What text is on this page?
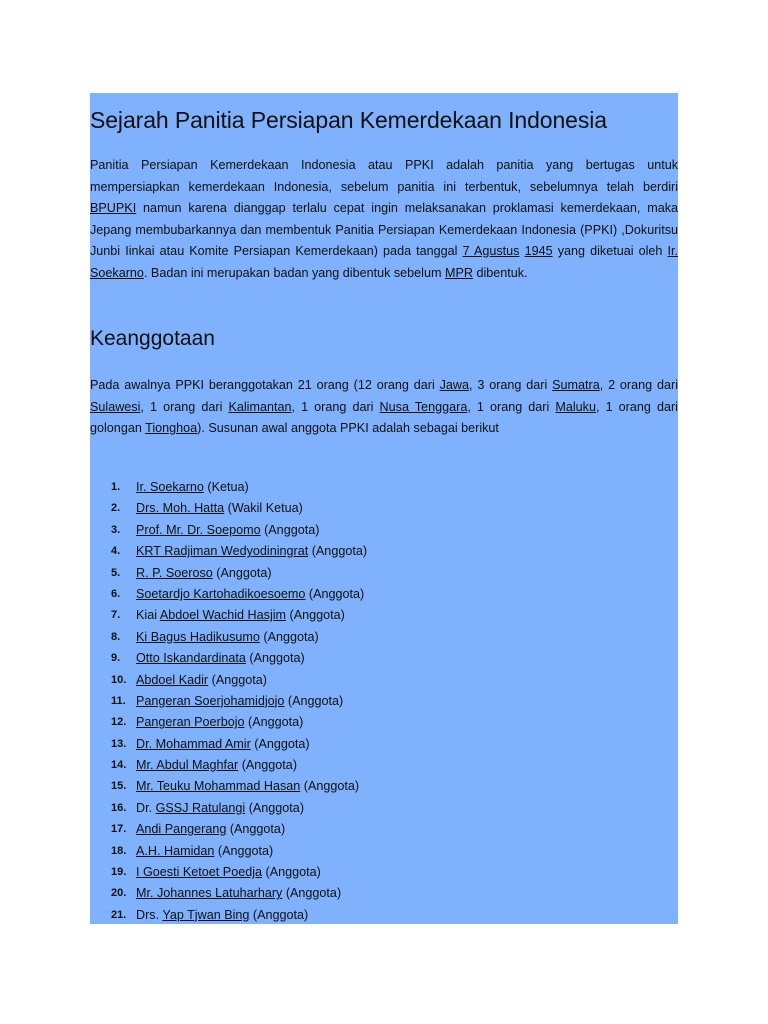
Sejarah Panitia Persiapan Kemerdekaan Indonesia

Panitia Persiapan Kemerdekaan Indonesia atau PPKI adalah panitia yang bertugas untuk mempersiapkan kemerdekaan Indonesia, sebelum panitia ini terbentuk, sebelumnya telah berdiri BPUPKI namun karena dianggap terlalu cepat ingin melaksanakan proklamasi kemerdekaan, maka Jepang membubarkannya dan membentuk Panitia Persiapan Kemerdekaan Indonesia (PPKI) ,Dokuritsu Junbi Iinkai atau Komite Persiapan Kemerdekaan) pada tanggal 7 Agustus 1945 yang diketuai oleh Ir. Soekarno. Badan ini merupakan badan yang dibentuk sebelum MPR dibentuk.

Keanggotaan

Pada awalnya PPKI beranggotakan 21 orang (12 orang dari Jawa, 3 orang dari Sumatra, 2 orang dari Sulawesi, 1 orang dari Kalimantan, 1 orang dari Nusa Tenggara, 1 orang dari Maluku, 1 orang dari golongan Tionghoa). Susunan awal anggota PPKI adalah sebagai berikut

1.	Ir. Soekarno (Ketua)
2.	Drs. Moh. Hatta (Wakil Ketua)
3.	Prof. Mr. Dr. Soepomo (Anggota)
4.	KRT Radjiman Wedyodiningrat (Anggota)
5.	R. P. Soeroso (Anggota)
6.	Soetardjo Kartohadikoesoemo (Anggota)
7.	Kiai Abdoel Wachid Hasjim (Anggota)
8.	Ki Bagus Hadikusumo (Anggota)
9.	Otto Iskandardinata (Anggota)
10. Abdoel Kadir (Anggota)
11. Pangeran Soerjohamidjojo (Anggota)
12. Pangeran Poerbojo (Anggota)
13. Dr. Mohammad Amir (Anggota)
14. Mr. Abdul Maghfar (Anggota)
15. Mr. Teuku Mohammad Hasan (Anggota)
16. Dr. GSSJ Ratulangi (Anggota)
17. Andi Pangerang (Anggota)
18. A.H. Hamidan (Anggota)
19. I Goesti Ketoet Poedja (Anggota)
20. Mr. Johannes Latuharhary (Anggota)
21. Drs. Yap Tjwan Bing (Anggota)
